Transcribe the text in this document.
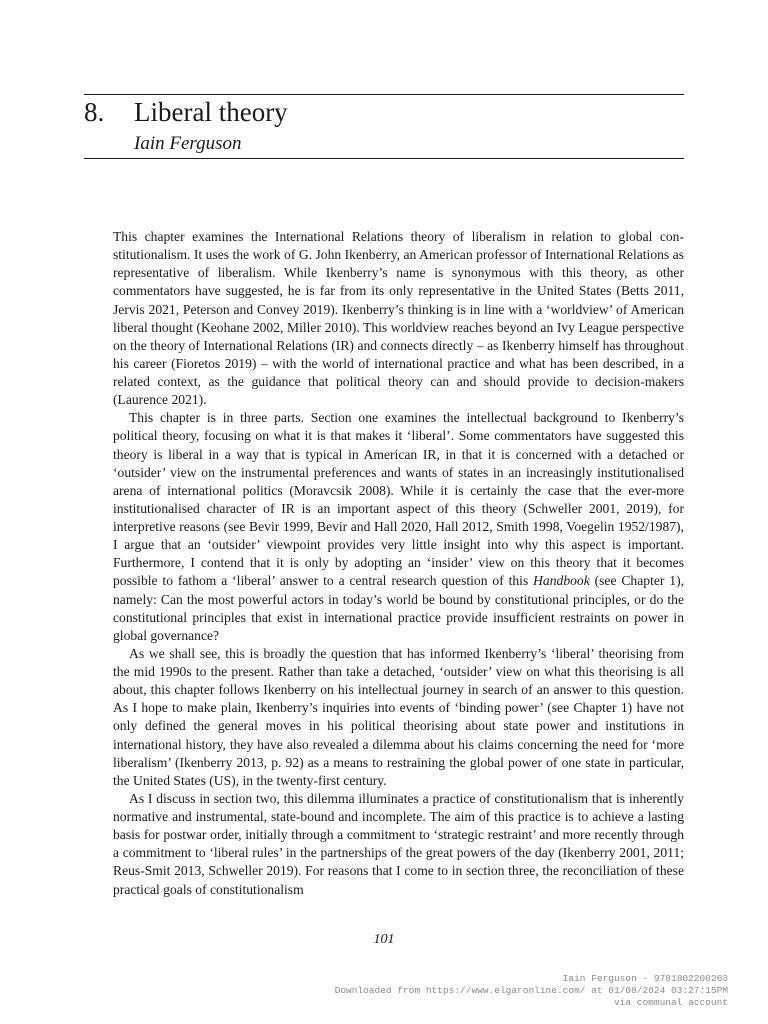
8. Liberal theory
Iain Ferguson

This chapter examines the International Relations theory of liberalism in relation to global constitutionalism. It uses the work of G. John Ikenberry, an American professor of International Relations as representative of liberalism. While Ikenberry’s name is synonymous with this theory, as other commentators have suggested, he is far from its only representative in the United States (Betts 2011, Jervis 2021, Peterson and Convey 2019). Ikenberry’s thinking is in line with a ‘worldview’ of American liberal thought (Keohane 2002, Miller 2010). This worldview reaches beyond an Ivy League perspective on the theory of International Relations (IR) and connects directly – as Ikenberry himself has throughout his career (Fioretos 2019) – with the world of international practice and what has been described, in a related context, as the guidance that political theory can and should provide to decision-makers (Laurence 2021).

This chapter is in three parts. Section one examines the intellectual background to Ikenberry’s political theory, focusing on what it is that makes it ‘liberal’. Some commentators have suggested this theory is liberal in a way that is typical in American IR, in that it is concerned with a detached or ‘outsider’ view on the instrumental preferences and wants of states in an increasingly institutionalised arena of international politics (Moravcsik 2008). While it is certainly the case that the ever-more institutionalised character of IR is an important aspect of this theory (Schweller 2001, 2019), for interpretive reasons (see Bevir 1999, Bevir and Hall 2020, Hall 2012, Smith 1998, Voegelin 1952/1987), I argue that an ‘outsider’ viewpoint provides very little insight into why this aspect is important. Furthermore, I contend that it is only by adopting an ‘insider’ view on this theory that it becomes possible to fathom a ‘liberal’ answer to a central research question of this Handbook (see Chapter 1), namely: Can the most powerful actors in today’s world be bound by constitutional principles, or do the constitutional principles that exist in international practice provide insufficient restraints on power in global governance?

As we shall see, this is broadly the question that has informed Ikenberry’s ‘liberal’ theorising from the mid 1990s to the present. Rather than take a detached, ‘outsider’ view on what this theorising is all about, this chapter follows Ikenberry on his intellectual journey in search of an answer to this question. As I hope to make plain, Ikenberry’s inquiries into events of ‘binding power’ (see Chapter 1) have not only defined the general moves in his political theorising about state power and institutions in international history, they have also revealed a dilemma about his claims concerning the need for ‘more liberalism’ (Ikenberry 2013, p. 92) as a means to restraining the global power of one state in particular, the United States (US), in the twenty-first century.

As I discuss in section two, this dilemma illuminates a practice of constitutionalism that is inherently normative and instrumental, state-bound and incomplete. The aim of this practice is to achieve a lasting basis for postwar order, initially through a commitment to ‘strategic restraint’ and more recently through a commitment to ‘liberal rules’ in the partnerships of the great powers of the day (Ikenberry 2001, 2011; Reus-Smit 2013, Schweller 2019). For reasons that I come to in section three, the reconciliation of these practical goals of constitutionalism

101
Iain Ferguson - 9781802200263
Downloaded from https://www.elgaronline.com/ at 01/08/2024 03:27:15PM
via communal account
